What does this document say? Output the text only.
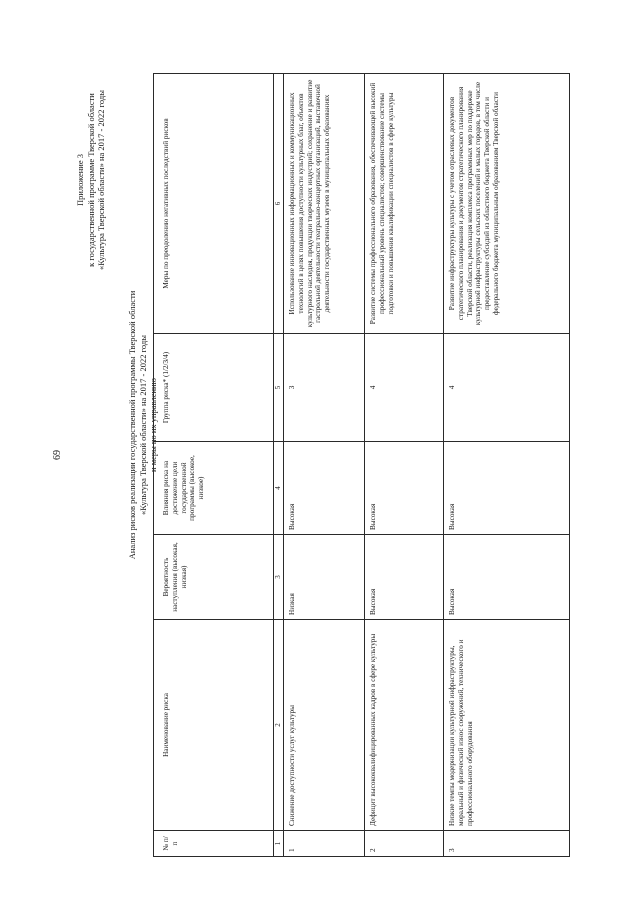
69
Приложение 3 к государственной программе Тверской области «Культура Тверской области» на 2017 - 2022 годы
Анализ рисков реализации государственной программы Тверской области «Культура Тверской области» на 2017 - 2022 годы и меры по их управлению
№ п/п	Наименование риска	Вероятность наступления (высокая, низкая)	Влияния риска на достижение цели государственной программы (высокое, низкое)	Группа риска* (1/2/3/4)	Меры по преодолению негативных последствий рисков
1	2	3	4	5	6
1	Снижение доступности услуг культуры	Низкая	Высокая	3	Использование инновационных информационных и коммуникационных технологий в целях повышения доступности культурных благ, объектов культурного наследия, продукции творческих индустрий; сохранение и развитие гастрольной деятельности театрально-концертных организаций, выставочной деятельности государственных музеев в муниципальных образованиях
2	Дефицит высококвалифицированных кадров в сфере культуры	Высокая	Высокая	4	Развитие системы профессионального образования, обеспечивающей высокий профессиональный уровень специалистов; совершенствование системы подготовки и повышения квалификации специалистов в сфере культуры
3	Низкие темпы модернизации культурной инфраструктуры, моральный и физический износ сооружений, технического и профессионального оборудования	Высокая	Высокая	4	Развитие инфраструктуры культуры с учетом отраслевых документов стратегического планирования и документов стратегического планирования Тверской области, реализация комплекса программных мер по поддержке культурной инфраструктуры сельских поселений и малых городов, в том числе предоставление субсидий из областного бюджета Тверской области и федерального бюджета муниципальным образованиям Тверской области
